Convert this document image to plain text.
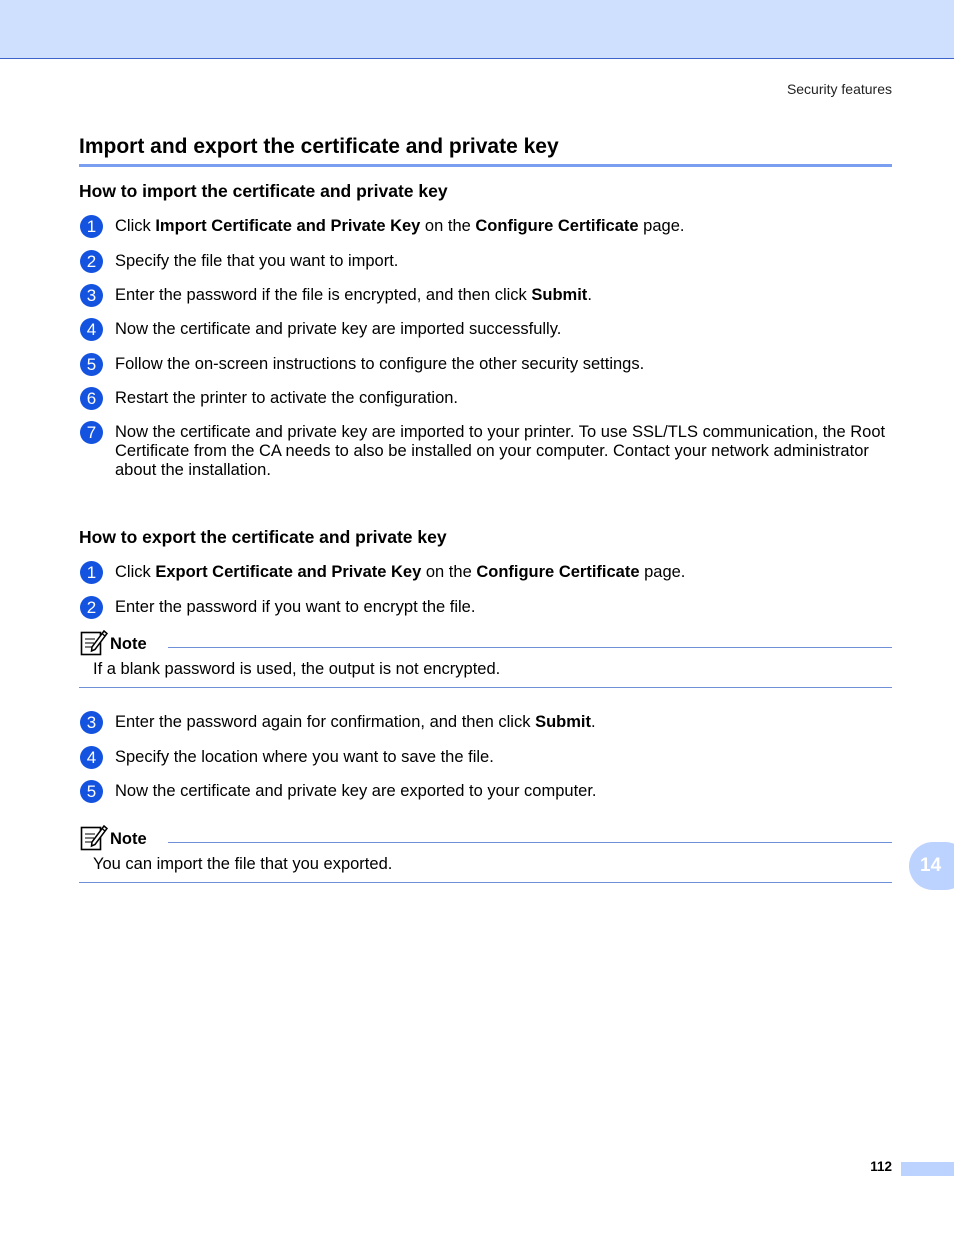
Security features
Import and export the certificate and private key
How to import the certificate and private key
1	Click Import Certificate and Private Key on the Configure Certificate page.
2	Specify the file that you want to import.
3	Enter the password if the file is encrypted, and then click Submit.
4	Now the certificate and private key are imported successfully.
5	Follow the on-screen instructions to configure the other security settings.
6	Restart the printer to activate the configuration.
7	Now the certificate and private key are imported to your printer. To use SSL/TLS communication, the Root Certificate from the CA needs to also be installed on your computer. Contact your network administrator about the installation.
How to export the certificate and private key
1	Click Export Certificate and Private Key on the Configure Certificate page.
2	Enter the password if you want to encrypt the file.
Note
If a blank password is used, the output is not encrypted.
3	Enter the password again for confirmation, and then click Submit.
4	Specify the location where you want to save the file.
5	Now the certificate and private key are exported to your computer.
Note
You can import the file that you exported.	14
112
